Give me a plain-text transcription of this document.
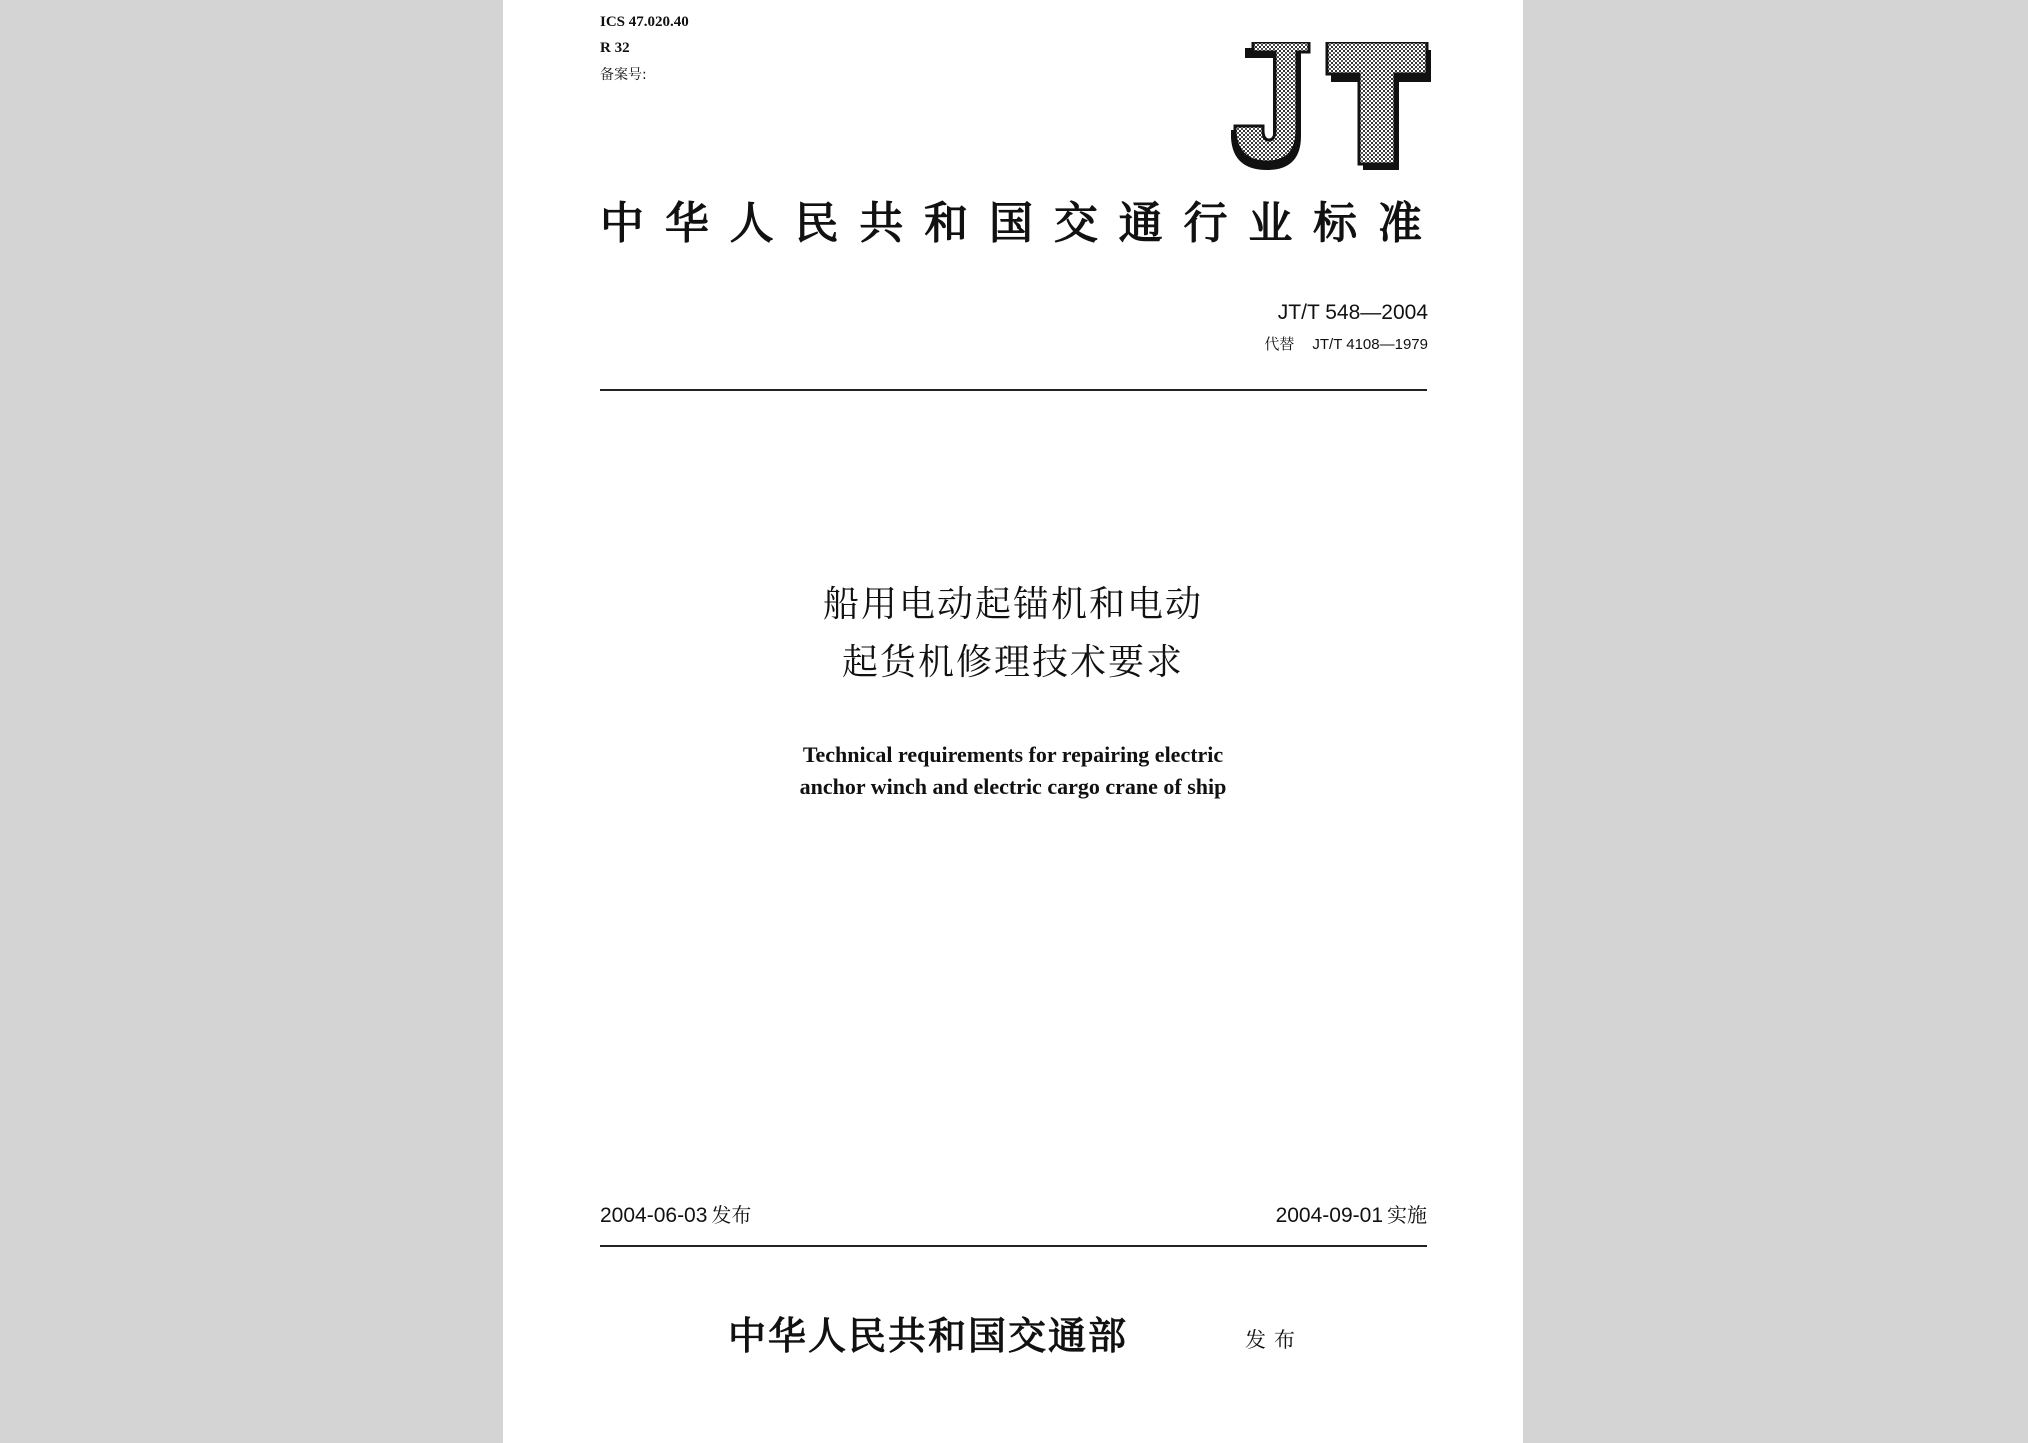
ICS 47.020.40
R 32
备案号:
中华人民共和国交通行业标准
JT/T 548—2004
代替 JT/T 4108—1979
船用电动起锚机和电动
起货机修理技术要求
Technical requirements for repairing electric
anchor winch and electric cargo crane of ship
2004-06-03 发布	2004-09-01 实施
中华人民共和国交通部	发布
